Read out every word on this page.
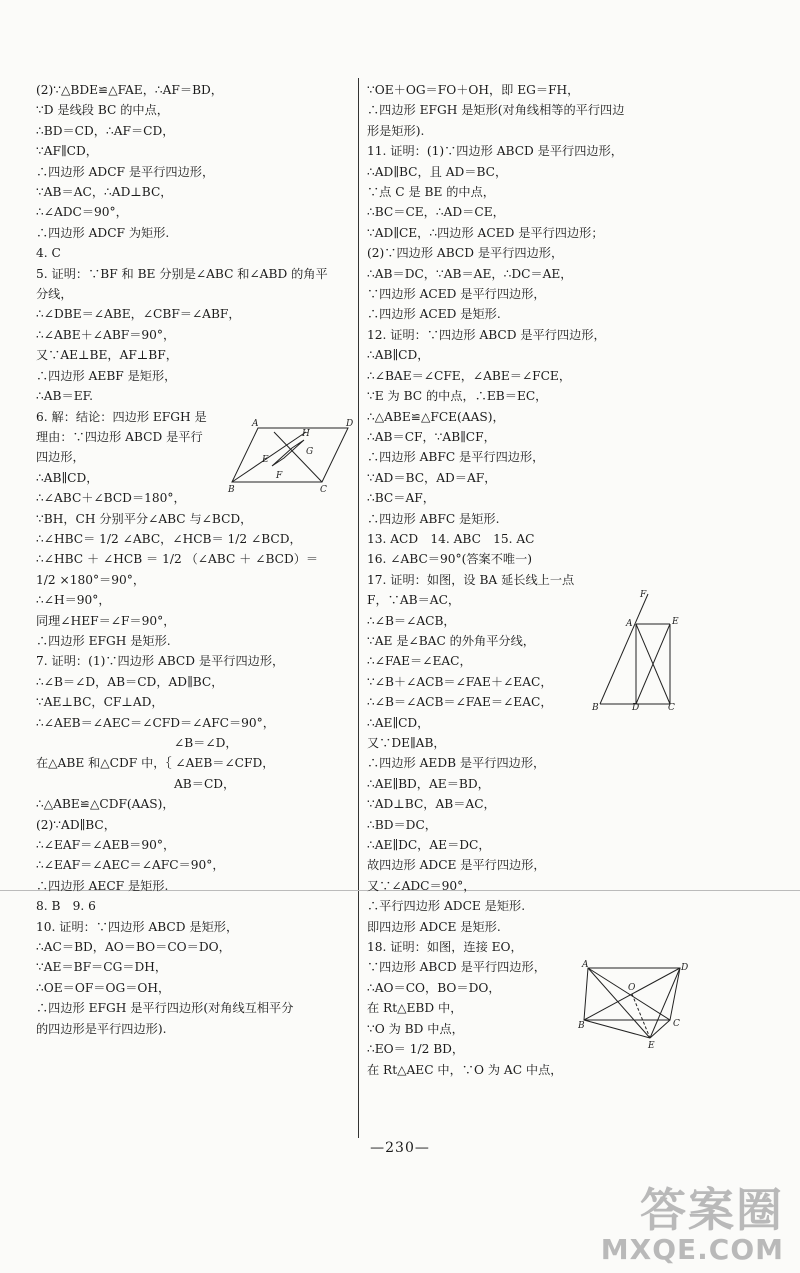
(2)∵△BDE≌△FAE，∴AF＝BD，
∵D 是线段 BC 的中点，
∴BD＝CD，∴AF＝CD，
∵AF∥CD，
∴四边形 ADCF 是平行四边形，
∵AB＝AC，∴AD⊥BC，
∴∠ADC＝90°，
∴四边形 ADCF 为矩形.
4. C
5. 证明：∵BF 和 BE 分别是∠ABC 和∠ABD 的角平
分线，
∴∠DBE＝∠ABE，∠CBF＝∠ABF，
∴∠ABE＋∠ABF＝90°，
又∵AE⊥BE，AF⊥BF，
∴四边形 AEBF 是矩形，
∴AB＝EF.
6. 解：结论：四边形 EFGH 是
理由：∵四边形 ABCD 是平行
四边形，
∴AB∥CD，
∴∠ABC＋∠BCD＝180°，
∵BH，CH 分别平分∠ABC 与∠BCD，
∴∠HBC＝ 1/2 ∠ABC，∠HCB＝ 1/2 ∠BCD，
∴∠HBC ＋ ∠HCB ＝ 1/2 （∠ABC ＋ ∠BCD）＝
1/2 ×180°＝90°，
∴∠H＝90°，
同理∠HEF＝∠F＝90°，
∴四边形 EFGH 是矩形.
7. 证明：(1)∵四边形 ABCD 是平行四边形，
∴∠B＝∠D，AB＝CD，AD∥BC，
∵AE⊥BC，CF⊥AD，
∴∠AEB＝∠AEC＝∠CFD＝∠AFC＝90°，
∠B＝∠D，
在△ABE 和△CDF 中，｛ ∠AEB＝∠CFD，
AB＝CD，
∴△ABE≌△CDF(AAS)，
(2)∵AD∥BC，
∴∠EAF＝∠AEB＝90°，
∴∠EAF＝∠AEC＝∠AFC＝90°，
∴四边形 AECF 是矩形.
8. B　9. 6
10. 证明：∵四边形 ABCD 是矩形，
∴AC＝BD，AO＝BO＝CO＝DO，
∵AE＝BF＝CG＝DH，
∴OE＝OF＝OG＝OH，
∴四边形 EFGH 是平行四边形(对角线互相平分
的四边形是平行四边形).
∵OE＋OG＝FO＋OH，即 EG＝FH，
∴四边形 EFGH 是矩形(对角线相等的平行四边
形是矩形).
11. 证明：(1)∵四边形 ABCD 是平行四边形，
∴AD∥BC，且 AD＝BC，
∵点 C 是 BE 的中点，
∴BC＝CE，∴AD＝CE，
∵AD∥CE，∴四边形 ACED 是平行四边形；
(2)∵四边形 ABCD 是平行四边形，
∴AB＝DC，∵AB＝AE，∴DC＝AE，
∵四边形 ACED 是平行四边形，
∴四边形 ACED 是矩形.
12. 证明：∵四边形 ABCD 是平行四边形，
∴AB∥CD，
∴∠BAE＝∠CFE，∠ABE＝∠FCE，
∵E 为 BC 的中点，∴EB＝EC，
∴△ABE≌△FCE(AAS)，
∴AB＝CF，∵AB∥CF，
∴四边形 ABFC 是平行四边形，
∵AD＝BC，AD＝AF，
∴BC＝AF，
∴四边形 ABFC 是矩形.
13. ACD　14. ABC　15. AC
16. ∠ABC＝90°(答案不唯一)
17. 证明：如图，设 BA 延长线上一点
F，∵AB＝AC，
∴∠B＝∠ACB，
∵AE 是∠BAC 的外角平分线，
∴∠FAE＝∠EAC，
∵∠B＋∠ACB＝∠FAE＋∠EAC，
∴∠B＝∠ACB＝∠FAE＝∠EAC，
∴AE∥CD，
又∵DE∥AB，
∴四边形 AEDB 是平行四边形，
∴AE∥BD，AE＝BD，
∵AD⊥BC，AB＝AC，
∴BD＝DC，
∴AE∥DC，AE＝DC，
故四边形 ADCE 是平行四边形，
又∵∠ADC＝90°，
∴平行四边形 ADCE 是矩形.
即四边形 ADCE 是矩形.
18. 证明：如图，连接 EO，
∵四边形 ABCD 是平行四边形，
∴AO＝CO，BO＝DO，
在 Rt△EBD 中，
∵O 为 BD 中点，
∴EO＝ 1/2 BD，
在 Rt△AEC 中，∵O 为 AC 中点，
A	D
H
E
G
B
F
C
F
A	E
B	D	C
A	D
O
B	C
E
—230—
答案圈
MXQE.COM
